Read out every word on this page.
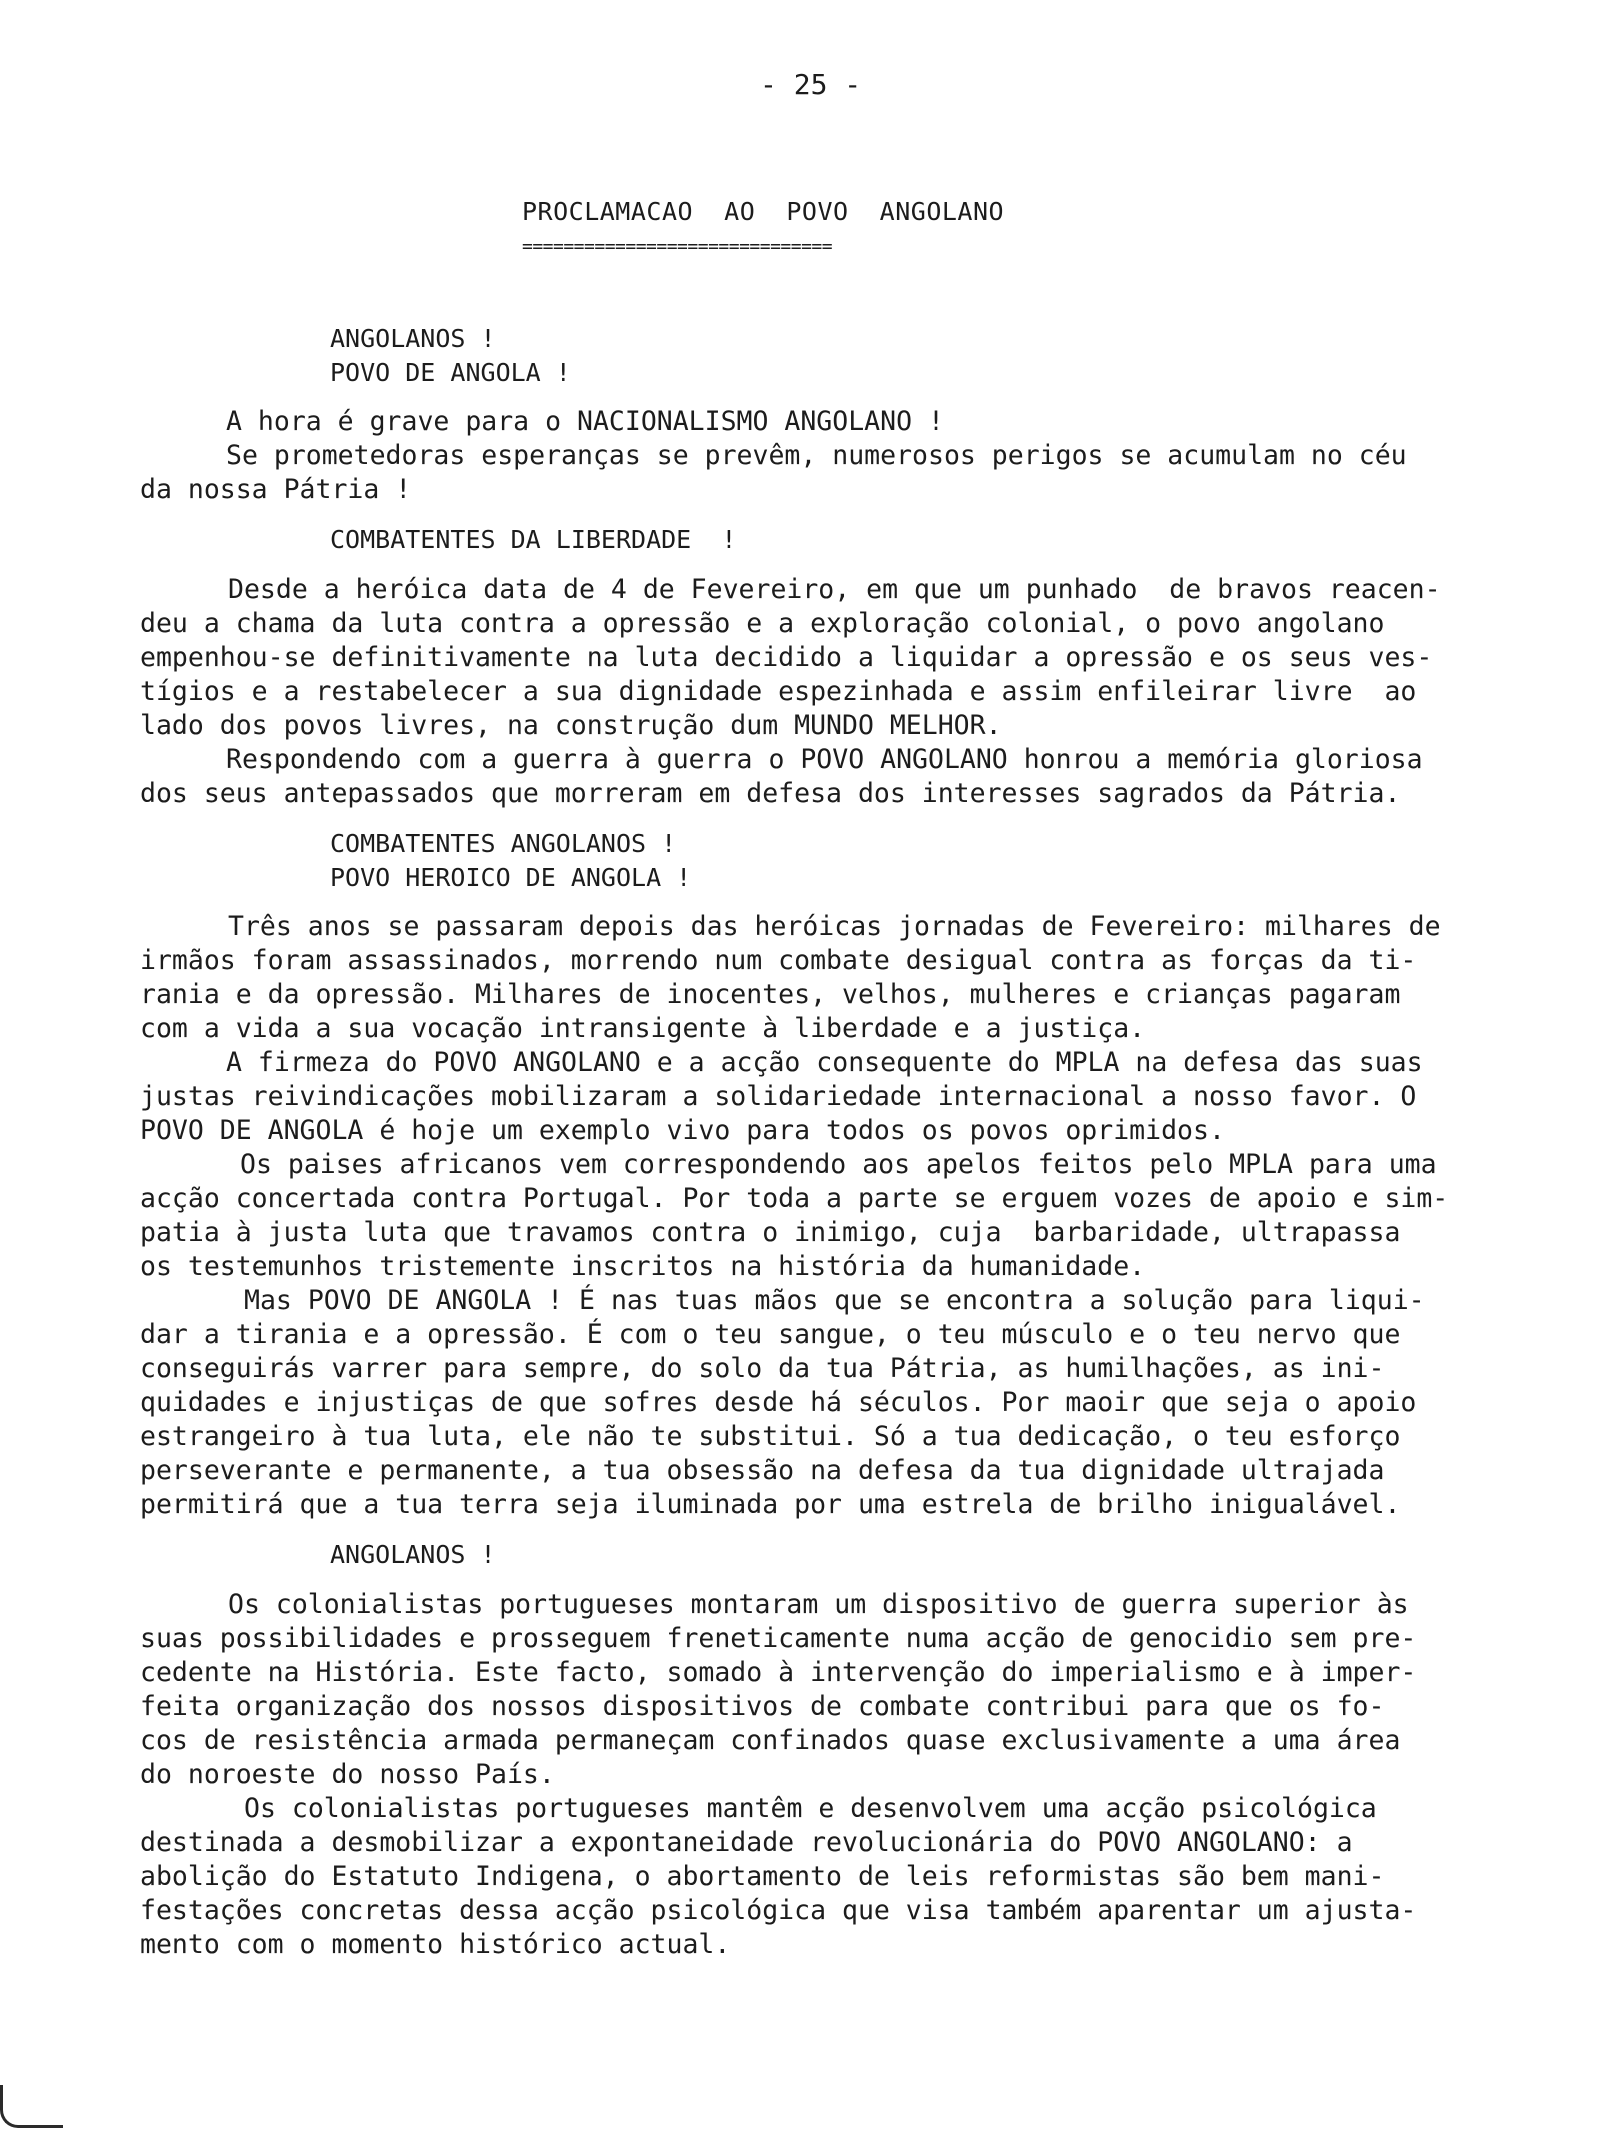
- 25 -
PROCLAMACAO  AO  POVO  ANGOLANO
==============================
ANGOLANOS !
POVO DE ANGOLA !
A hora é grave para o NACIONALISMO ANGOLANO !
Se prometedoras esperanças se prevêm, numerosos perigos se acumulam no céu
da nossa Pátria !
COMBATENTES DA LIBERDADE  !
Desde a heróica data de 4 de Fevereiro, em que um punhado  de bravos reacen-
deu a chama da luta contra a opressão e a exploração colonial, o povo angolano
empenhou-se definitivamente na luta decidido a liquidar a opressão e os seus ves-
tígios e a restabelecer a sua dignidade espezinhada e assim enfileirar livre  ao
lado dos povos livres, na construção dum MUNDO MELHOR.
Respondendo com a guerra à guerra o POVO ANGOLANO honrou a memória gloriosa
dos seus antepassados que morreram em defesa dos interesses sagrados da Pátria.
COMBATENTES ANGOLANOS !
POVO HEROICO DE ANGOLA !
Três anos se passaram depois das heróicas jornadas de Fevereiro: milhares de
irmãos foram assassinados, morrendo num combate desigual contra as forças da ti-
rania e da opressão. Milhares de inocentes, velhos, mulheres e crianças pagaram
com a vida a sua vocação intransigente à liberdade e a justiça.
A firmeza do POVO ANGOLANO e a acção consequente do MPLA na defesa das suas
justas reivindicações mobilizaram a solidariedade internacional a nosso favor. O
POVO DE ANGOLA é hoje um exemplo vivo para todos os povos oprimidos.
Os paises africanos vem correspondendo aos apelos feitos pelo MPLA para uma
acção concertada contra Portugal. Por toda a parte se erguem vozes de apoio e sim-
patia à justa luta que travamos contra o inimigo, cuja  barbaridade, ultrapassa
os testemunhos tristemente inscritos na história da humanidade.
Mas POVO DE ANGOLA ! É nas tuas mãos que se encontra a solução para liqui-
dar a tirania e a opressão. É com o teu sangue, o teu músculo e o teu nervo que
conseguirás varrer para sempre, do solo da tua Pátria, as humilhações, as ini-
quidades e injustiças de que sofres desde há séculos. Por maoir que seja o apoio
estrangeiro à tua luta, ele não te substitui. Só a tua dedicação, o teu esforço
perseverante e permanente, a tua obsessão na defesa da tua dignidade ultrajada
permitirá que a tua terra seja iluminada por uma estrela de brilho inigualável.
ANGOLANOS !
Os colonialistas portugueses montaram um dispositivo de guerra superior às
suas possibilidades e prosseguem freneticamente numa acção de genocidio sem pre-
cedente na História. Este facto, somado à intervenção do imperialismo e à imper-
feita organização dos nossos dispositivos de combate contribui para que os fo-
cos de resistência armada permaneçam confinados quase exclusivamente a uma área
do noroeste do nosso País.
Os colonialistas portugueses mantêm e desenvolvem uma acção psicológica
destinada a desmobilizar a expontaneidade revolucionária do POVO ANGOLANO: a
abolição do Estatuto Indigena, o abortamento de leis reformistas são bem mani-
festações concretas dessa acção psicológica que visa também aparentar um ajusta-
mento com o momento histórico actual.
